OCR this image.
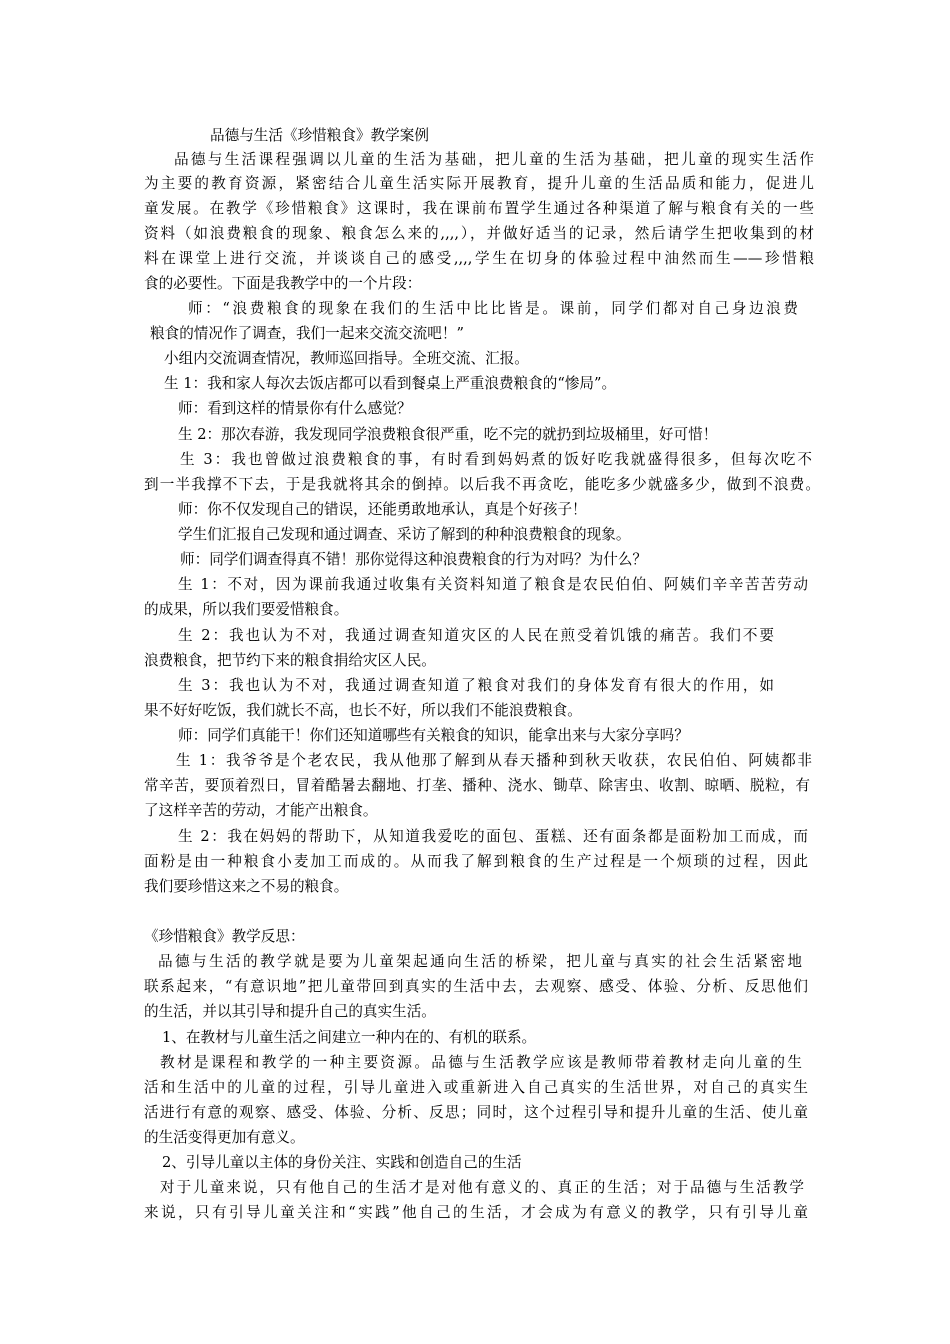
品德与生活《珍惜粮食》教学案例
品德与生活课程强调以儿童的生活为基础，把儿童的生活为基础，把儿童的现实生活作
为主要的教育资源，紧密结合儿童生活实际开展教育，提升儿童的生活品质和能力，促进儿
童发展。在教学《珍惜粮食》这课时，我在课前布置学生通过各种渠道了解与粮食有关的一些
资料（如浪费粮食的现象、粮食怎么来的,,,,），并做好适当的记录，然后请学生把收集到的材
料在课堂上进行交流，并谈谈自己的感受,,,,学生在切身的体验过程中油然而生——珍惜粮
食的必要性。下面是我教学中的一个片段：
师：“浪费粮食的现象在我们的生活中比比皆是。课前，同学们都对自己身边浪费
粮食的情况作了调查，我们一起来交流交流吧！”
小组内交流调查情况，教师巡回指导。全班交流、汇报。
生 1：我和家人每次去饭店都可以看到餐桌上严重浪费粮食的“惨局”。
师：看到这样的情景你有什么感觉？
生 2：那次春游，我发现同学浪费粮食很严重，吃不完的就扔到垃圾桶里，好可惜！
生 3：我也曾做过浪费粮食的事，有时看到妈妈煮的饭好吃我就盛得很多，但每次吃不
到一半我撑不下去，于是我就将其余的倒掉。以后我不再贪吃，能吃多少就盛多少，做到不浪费。
师：你不仅发现自己的错误，还能勇敢地承认，真是个好孩子！
学生们汇报自己发现和通过调查、采访了解到的种种浪费粮食的现象。
师：同学们调查得真不错！那你觉得这种浪费粮食的行为对吗？为什么？
生 1：不对，因为课前我通过收集有关资料知道了粮食是农民伯伯、阿姨们辛辛苦苦劳动
的成果，所以我们要爱惜粮食。
生 2：我也认为不对，我通过调查知道灾区的人民在煎受着饥饿的痛苦。我们不要
浪费粮食，把节约下来的粮食捐给灾区人民。
生 3：我也认为不对，我通过调查知道了粮食对我们的身体发育有很大的作用，如
果不好好吃饭，我们就长不高，也长不好，所以我们不能浪费粮食。
师：同学们真能干！你们还知道哪些有关粮食的知识，能拿出来与大家分享吗？
生 1：我爷爷是个老农民，我从他那了解到从春天播种到秋天收获，农民伯伯、阿姨都非
常辛苦，要顶着烈日，冒着酷暑去翻地、打垄、播种、浇水、锄草、除害虫、收割、晾晒、脱粒，有
了这样辛苦的劳动，才能产出粮食。
生 2：我在妈妈的帮助下，从知道我爱吃的面包、蛋糕、还有面条都是面粉加工而成，而
面粉是由一种粮食小麦加工而成的。从而我了解到粮食的生产过程是一个烦琐的过程，因此
我们要珍惜这来之不易的粮食。
《珍惜粮食》教学反思：
品德与生活的教学就是要为儿童架起通向生活的桥梁，把儿童与真实的社会生活紧密地
联系起来，“有意识地”把儿童带回到真实的生活中去，去观察、感受、体验、分析、反思他们
的生活，并以其引导和提升自己的真实生活。
1、在教材与儿童生活之间建立一种内在的、有机的联系。
教材是课程和教学的一种主要资源。品德与生活教学应该是教师带着教材走向儿童的生
活和生活中的儿童的过程，引导儿童进入或重新进入自己真实的生活世界，对自己的真实生
活进行有意的观察、感受、体验、分析、反思；同时，这个过程引导和提升儿童的生活、使儿童
的生活变得更加有意义。
2、引导儿童以主体的身份关注、实践和创造自己的生活
对于儿童来说，只有他自己的生活才是对他有意义的、真正的生活；对于品德与生活教学
来说，只有引导儿童关注和“实践”他自己的生活，才会成为有意义的教学，只有引导儿童
